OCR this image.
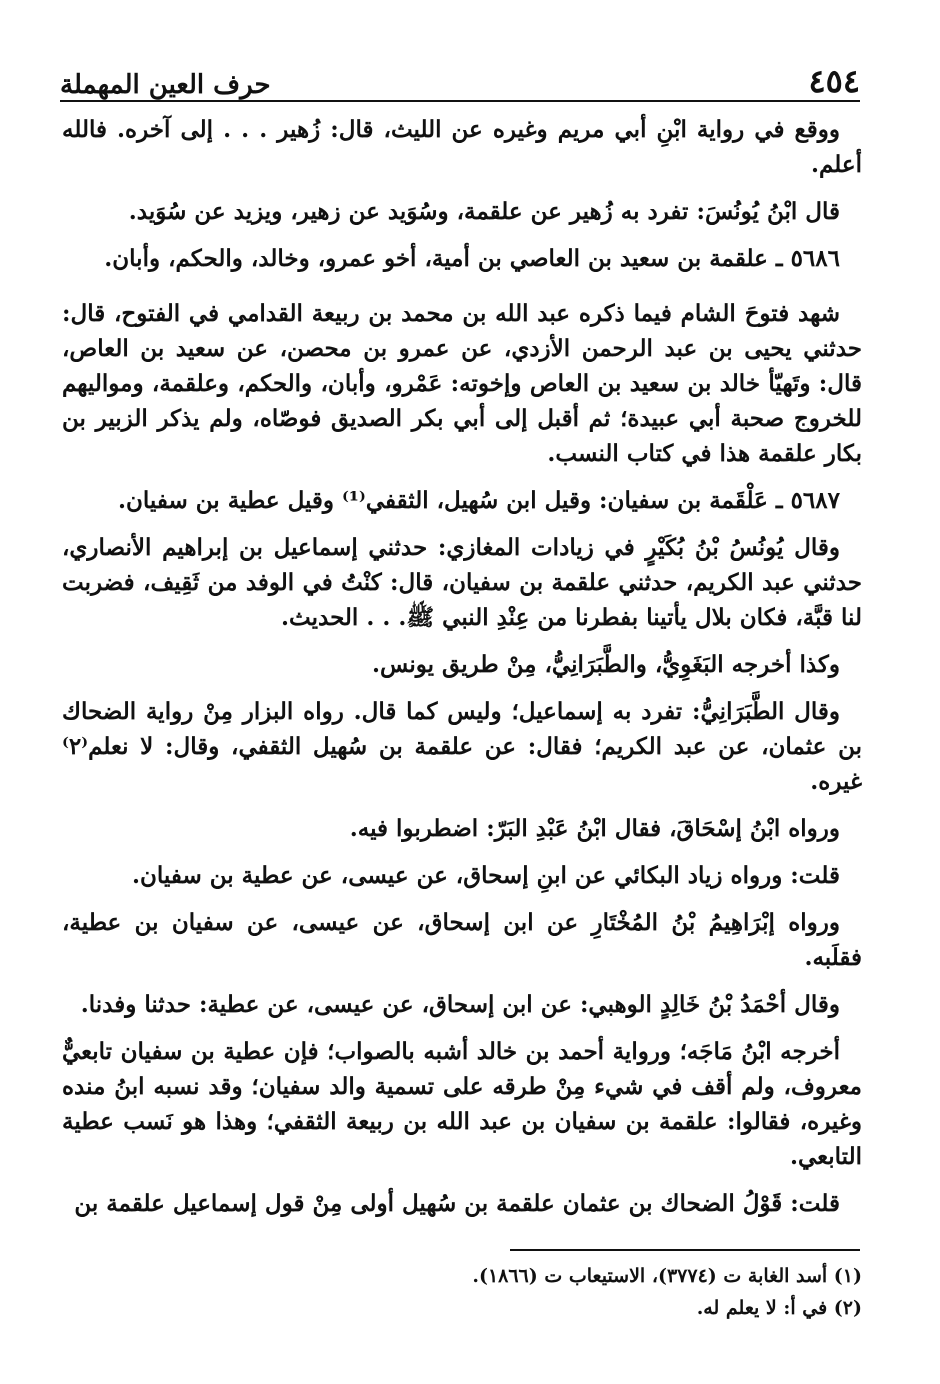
٤٥٤
حرف العين المهملة

ووقع في رواية ابْنِ أبي مريم وغيره عن الليث، قال: زُهير . . . إلى آخره. فالله أعلم.

قال ابْنُ يُونُسَ: تفرد به زُهير عن علقمة، وسُوَيد عن زهير، ويزيد عن سُوَيد.

٥٦٨٦ ـ علقمة بن سعيد بن العاصي بن أمية، أخو عمرو، وخالد، والحكم، وأبان.

شهد فتوحَ الشام فيما ذكره عبد الله بن محمد بن ربيعة القدامي في الفتوح، قال: حدثني يحيى بن عبد الرحمن الأزدي، عن عمرو بن محصن، عن سعيد بن العاص، قال: وتَهيّأ خالد بن سعيد بن العاص وإخوته: عَمْرو، وأبان، والحكم، وعلقمة، ومواليهم للخروج صحبة أبي عبيدة؛ ثم أقبل إلى أبي بكر الصديق فوصّاه، ولم يذكر الزبير بن بكار علقمة هذا في كتاب النسب.

٥٦٨٧ ـ عَلْقَمة بن سفيان: وقيل ابن سُهيل، الثقفي⁽¹⁾ وقيل عطية بن سفيان.

وقال يُونُسُ بْنُ بُكَيْرٍ في زيادات المغازي: حدثني إسماعيل بن إبراهيم الأنصاري، حدثني عبد الكريم، حدثني علقمة بن سفيان، قال: كنْتُ في الوفد من ثَقِيف، فضربت لنا قبَّة، فكان بلال يأتينا بفطرنا من عِنْدِ النبي ﷺ. . . الحديث.

وكذا أخرجه البَغَوِيُّ، والطَّبَرَانِيُّ، مِنْ طريق يونس.

وقال الطَّبَرَانِيُّ: تفرد به إسماعيل؛ وليس كما قال. رواه البزار مِنْ رواية الضحاك بن عثمان، عن عبد الكريم؛ فقال: عن علقمة بن سُهيل الثقفي، وقال: لا نعلم⁽٢⁾ غيره.

ورواه ابْنُ إسْحَاقَ، فقال ابْنُ عَبْدِ البَرّ: اضطربوا فيه.

قلت: ورواه زياد البكائي عن ابنِ إسحاق، عن عيسى، عن عطية بن سفيان.

ورواه إبْرَاهِيمُ بْنُ المُخْتَارِ عن ابن إسحاق، عن عيسى، عن سفيان بن عطية، فقلَبه.

وقال أحْمَدُ بْنُ خَالِدٍ الوهبي: عن ابن إسحاق، عن عيسى، عن عطية: حدثنا وفدنا.

أخرجه ابْنُ مَاجَه؛ ورواية أحمد بن خالد أشبه بالصواب؛ فإن عطية بن سفيان تابعيٌّ معروف، ولم أقف في شيء مِنْ طرقه على تسمية والد سفيان؛ وقد نسبه ابنُ منده وغيره، فقالوا: علقمة بن سفيان بن عبد الله بن ربيعة الثقفي؛ وهذا هو نَسب عطية التابعي.

قلت: قَوْلُ الضحاك بن عثمان علقمة بن سُهيل أولى مِنْ قول إسماعيل علقمة بن

(١) أسد الغابة ت (٣٧٧٤)، الاستيعاب ت (١٨٦٦).

(٢) في أ: لا يعلم له.
